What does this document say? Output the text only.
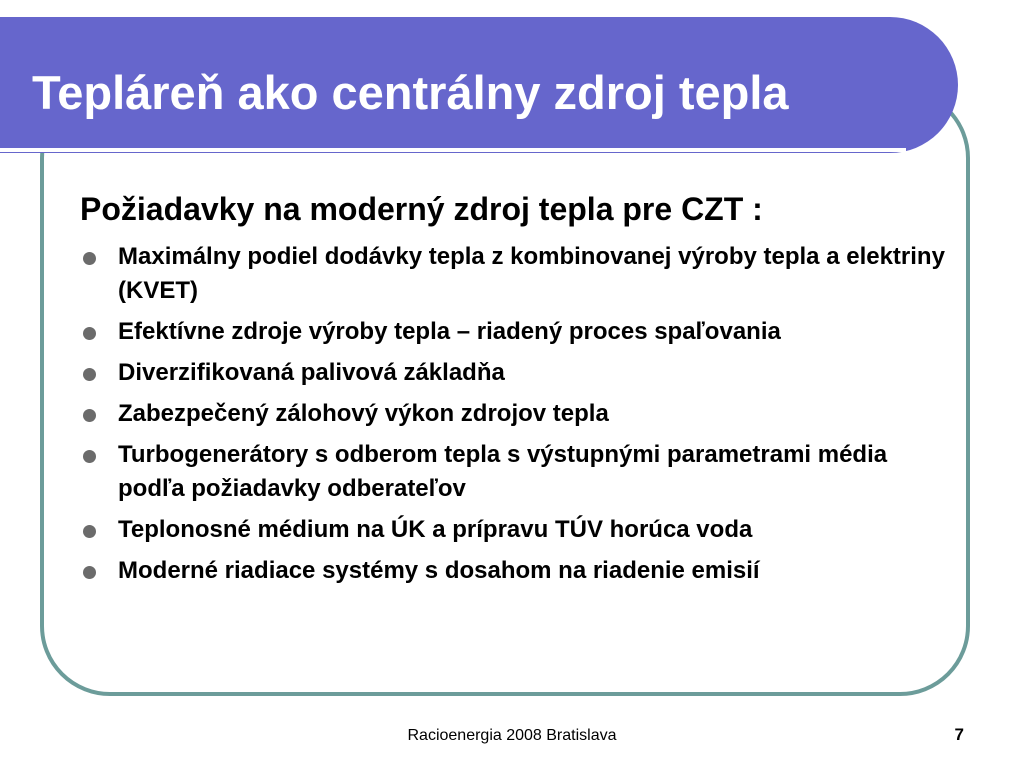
Tepláreň ako centrálny zdroj tepla
Požiadavky na moderný zdroj tepla pre CZT :
Maximálny podiel dodávky tepla z kombinovanej výroby tepla a elektriny (KVET)
Efektívne zdroje výroby tepla – riadený proces spaľovania
Diverzifikovaná palivová základňa
Zabezpečený záloh​ový výkon zdrojov tepla
Turbogenerátory s odberom tepla s výstupnými parametrami média podľa požiadavky odberateľov
Teplonosné médium na ÚK a prípravu TÚV horúca voda
Moderné riadiace systémy s dosahom na riadenie emisií
Racioenergia 2008 Bratislava	7
